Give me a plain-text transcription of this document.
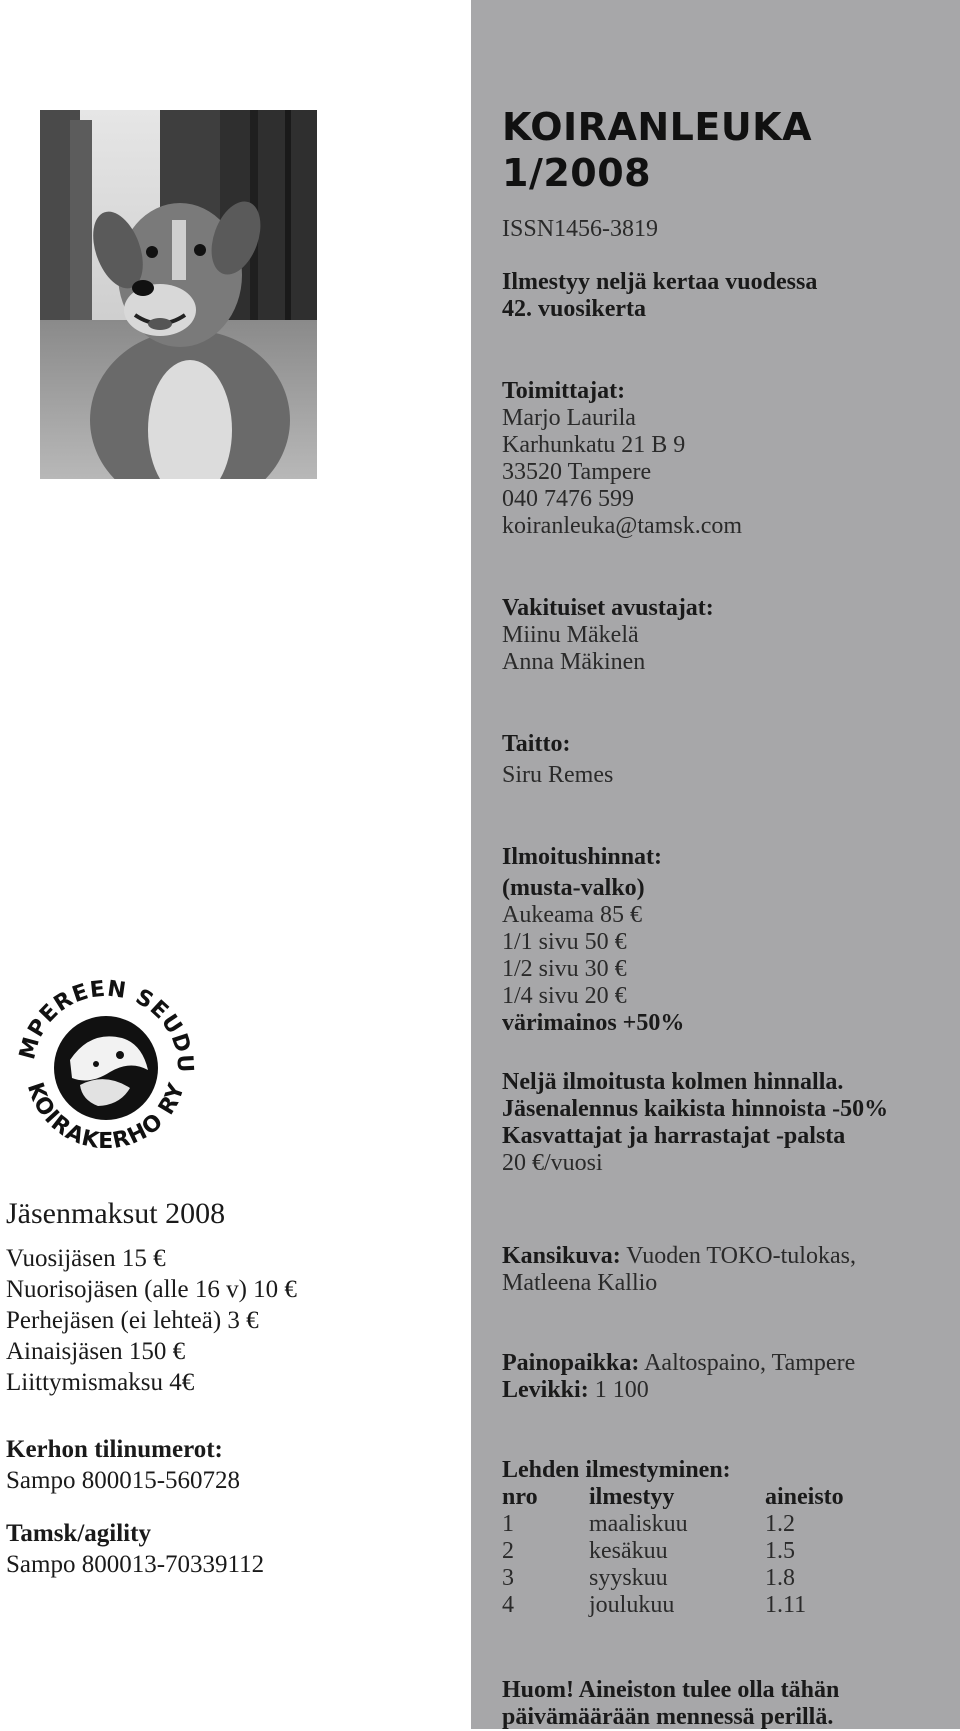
MPEREEN SEUDU
KOIRAKERHO RY
Jäsenmaksut 2008
Vuosijäsen 15 €
Nuorisojäsen (alle 16 v) 10 €
Perhejäsen (ei lehteä) 3 €
Ainaisjäsen 150 €
Liittymismaksu 4€
Kerhon tilinumerot:
Sampo 800015-560728
Tamsk/agility
Sampo 800013-70339112
KOIRANLEUKA 1/2008
ISSN1456-3819
Ilmestyy neljä kertaa vuodessa
42. vuosikerta
Toimittajat:
Marjo Laurila
Karhunkatu 21 B 9
33520 Tampere
040 7476 599
koiranleuka@tamsk.com
Vakituiset avustajat:
Miinu Mäkelä
Anna Mäkinen
Taitto:
Siru Remes
Ilmoitushinnat:
(musta-valko)
Aukeama 85 €
1/1 sivu 50 €
1/2 sivu 30 €
1/4 sivu 20 €
värimainos +50%
Neljä ilmoitusta kolmen hinnalla.
Jäsenalennus kaikista hinnoista -50%
Kasvattajat ja harrastajat -palsta
20 €/vuosi
Kansikuva: Vuoden TOKO-tulokas,
Matleena Kallio
Painopaikka: Aaltospaino, Tampere
Levikki: 1 100
Lehden ilmestyminen:
nro	ilmestyy	aineisto
1	maaliskuu	1.2
2	kesäkuu	1.5
3	syyskuu	1.8
4	joulukuu	1.11
Huom! Aineiston tulee olla tähän
päivämäärään mennessä perillä.
